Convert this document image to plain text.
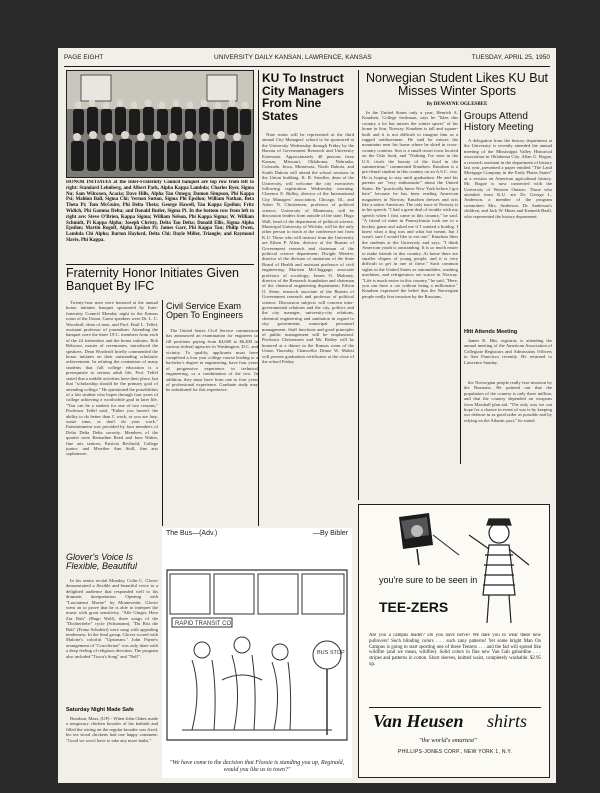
PAGE EIGHT	UNIVERSITY DAILY KANSAN, LAWRENCE, KANSAS	TUESDAY, APRIL 25, 1950
HONOR INITIATES at the Inter-Fraternity Council banquet are top row from left to right: Standard Lehnberg, and Albert Park, Alpha Kappa Lambda; Charles Ryer, Sigma Nu; Sam Wilcoxen, Acacia; Dave Hills, Alpha Tau Omega; Damon Simpson, Phi Kappa Psi; Mahlon Ball, Sigma Chi; Vernon Sutton, Sigma Phi Epsilon; William Nathan, Beta Theta Pi; Tom McGuire, Phi Delta Theta; George Hawell, Tau Kappa Epsilon; Fritz Widich, Phi Gamma Delta; and Donald Butler, Sigma Pi. In the bottom row from left to right are: Steve O'Brien, Kappa Sigma; William Nelson, Phi Kappa Sigma; W. William Schmidt, Pi Kappa Alpha; Joseph Christy, Delta Tau Delta; Donald Ellis, Sigma Alpha Epsilon; Martin Regoff, Alpha Epsilon Pi; James Garr, Phi Kappa Tau; Philip Owen, Lambda Chi Alpha; Barton Haylord, Delta Chi; Dayle Miller, Triangle; and Raymond Slavie, Phi Kappa.
Fraternity Honor Initiates Given Banquet By IFC

Twenty-four men were honored at the annual honor initiates banquet sponsored by Inter-fraternity Council Monday night in the Kansas room of the Union. Guest speakers were Dr. L. C. Woodruff, dean of men, and Prof. Emil L. Telfel, assistant professor of journalism. Attending the banquet were the three I.F.C. members from each of the 24 fraternities and the honor initiates. Bob Belsoars, master of ceremonies, introduced the speakers. Dean Woodruff briefly commended the honor initiates on their outstanding scholastic achievement. In refuting the contention of many students that full college education is a prerequisite to serious adult life, Prof. Telfel stated that a middle activities have their place, but that "scholarship should be the primary goal of attending college." He questioned the possibilities of a fair student who hopes through four years of college achieving a worthwhile goal in later life. "You can be a student for one of two reasons," Professor Telfel said. "Either you haven't the ability to do better than C work, or you are lazy, waste time, or don't do your work." Entertainment was provided by four members of Delta Delta Delta sorority. Members of the quartet were Bernadine Reed and Ione Walter, fine arts seniors; Patricia Bechtold, College junior; and Merrilee Ann Stoll, fine arts sophomore.

Glover's Voice Is Flexible, Beautiful

In his senior recital Monday, Colin C. Glover demonstrated a flexible and beautiful voice to a delighted audience that responded well to his dramatic interpretation. Opening with "Lasciatemi Morire" by Monteverde, Glover went on to prove that he is able to interpret the music with great sensitivity. "Alle Ginger, Herz Zur Ruh" (Hugo Wolf), three songs of the "Dichterliebe" cycle (Schumann), "Du Bist die Ruh" (Franz Schubert) were sung with appealing tenderness. In the final group, Glover scored with Malotte's colorful "Upstream." John Payne's arrangement of "Crucifixion" was only done with a deep feeling of religious devotion. The program also included "Tosca's Song" and "Nell".

Saturday Night Made Safe

Bourbon, Mass. (UP) - When John Oakes made a temporary chicken brooder of his bathtub and filled the wiring on the regular brooder was fixed, his tea stood chickens had one happy comment: "Good we won't have to take any more baths."

Civil Service Exam Open To Engineers

The United States Civil Service commission has announced an examination for engineers to fill positions paying from $4,600 to $6,400 in various federal agencies in Washington, D.C. and vicinity. To qualify, applicants must have completed a four year college course leading to a bachelor's degree in engineering, have four years of progressive experience in technical engineering, or a combination of the two. In addition, they must have from one to four years of professional experience. Graduate study may be substituted for this experience.

The Bus—(Adv.)	—By Bibler
RAPID TRANSIT CO
BUS STOP
"We have come to the decision that Flossie is standing you up, Reginald, would you like us to town?"
KU To Instruct City Managers From Nine States

Nine states will be represented at the third annual City Managers' school to be sponsored at the University Wednesday through Friday by the Bureau of Government Research and University Extension. Approximately 40 persons from Kansas, Missouri, Oklahoma, Nebraska, Colorado, Iowa, Minnesota, North Dakota, and South Dakota will attend the school sessions in the Union building. K. R. Stouffer, dean of the University, will welcome the city executives following registration Wednesday morning. Clarence E. Ridley, director of the International City Managers' association, Chicago, Ill., and Asher N. Christensen, professor of political science, University of Minnesota, will be discussion leaders from outside of the state. Hugo Wall, head of the department of political science, Municipal University of Wichita, will be the only other person to teach at the conference not from K.U. Those who will instruct from the University are Ethan P. Allen, director of the Bureau of Government research and chairman of the political science department; Dwight Metzler, director of the division of sanitation of the State Board of Health and assistant professor of civil engineering; Marston McCluggage, associate professor of sociology; James O. Maloney, director of the Research foundation and chairman of the chemical engineering department; Edwin O. Stene, research associate of the Bureau of Government research and professor of political science. Discussion subjects will concern inter-governmental relations and the city, politics and the city manager, university-city relations, chemical engineering and sanitation in regard to city government, municipal personnel management. Staff functions and good principles of public management will be emphasized. Professor Christensen and Mr. Ridley will be honored at a dinner in the Kansas room of the Union Thursday. Chancellor Deane W. Malott will present graduation certificates at the close of the school Friday.

Norwegian Student Likes KU But Misses Winter Sports
By DEWAYNE OGLESBEE

In the United States only a year, Henrick A. Knudsen, College freshman, says he "likes this country a lot but misses the winter sports" of his home in Son, Norway. Knudsen is tall and square-built and it is not difficult to imagine him as a rugged outdoorsman. He said he misses the mountains near his home where he skied in cross-country contests. Son is a small resort town located on the Oslo fiord, and "Nothing I've seen in the U.S. rivals the beauty of the fiord in the summertime," commented Knudsen. Knudsen is a pre-dental student in this country on an A.S.C. visa. He is hoping to stay until graduation. He and his parents are "very enthusiastic" about the United States. He "practically knew New York before I got here" because he has been reading American magazines in Norway. Knudsen dresses and acts like a native American. The only trace of Norway is in his speech. "I had a great deal of trouble with my speech when I first came to this country," he said. "A friend of mine in Pennsylvania took me to a hockey game and asked me if I wanted a hotdog. I knew what a dog was and what hot meant, but I wasn't sure I would like to eat one." Knudsen likes the students at the University and says, "I think American youth is outstanding. It is so much easier to make friends in this country. At home there are smaller cliques of young people, and it is very difficult to get in one of these." Such common sights in the United States as automobiles, washing machines, and refrigerators are scarce in Norway. "Life is much easier in this country," he said. "Here, you can have a car without being a millionaire." Knudsen expressed the belief that the Norwegian people really fear invasion by the Russians.

Groups Attend History Meeting

A delegation from the history department at the University is recently attended the annual meeting of the Mississippi Valley Historical association in Oklahoma City. Allan G. Bogue, a research assistant in the department of history last year, presented a paper entitled "The Land Mortgage Company in the Early Plains States" at a session on American agricultural history. Mr. Bogue is now connected with the University of Western Ontario. Those who attended from K.U. are Dr. George L. Anderson, a member of the program committee; Mrs. Anderson, Dr. Anderson's children, and Jack W. Hines and Kenneth Beall, who represented the history department.

Hitt Attends Meeting

James K. Hitt, registrar, is attending the annual meeting of the American Association of Collegiate Registrars and Admissions Officers in San Francisco recently. He returned to Lawrence Sunday.

the Norwegian people really fear invasion by the Russians. He pointed out that the population of the country is only three million, and that the country depended on weapons from Marshall plan aid. "The only way we can hope for a chance in event of war is by keeping our defense in as good order as possible and by relying on the Atlantic pact," he stated.

you're sure to be seen in
TEE-ZERS
Are you a campus leader? Do you have nerve? We dare you to wear these new pullovers! Such blinding colors . . . such zany patterns! Yet some bright Man On Campus is going to start sporting one of these Teezers . . . and the fad will spread like wildfire (and we mean, wildfire). Solid colors in fine new Van Gab gabardine . . . stripes and patterns in cotton. Short sleeves, knitted waist, completely washable. $2.95 up.
Van Heusen shirts
"the world's smartest"
PHILLIPS-JONES CORP., NEW YORK 1, N.Y.
